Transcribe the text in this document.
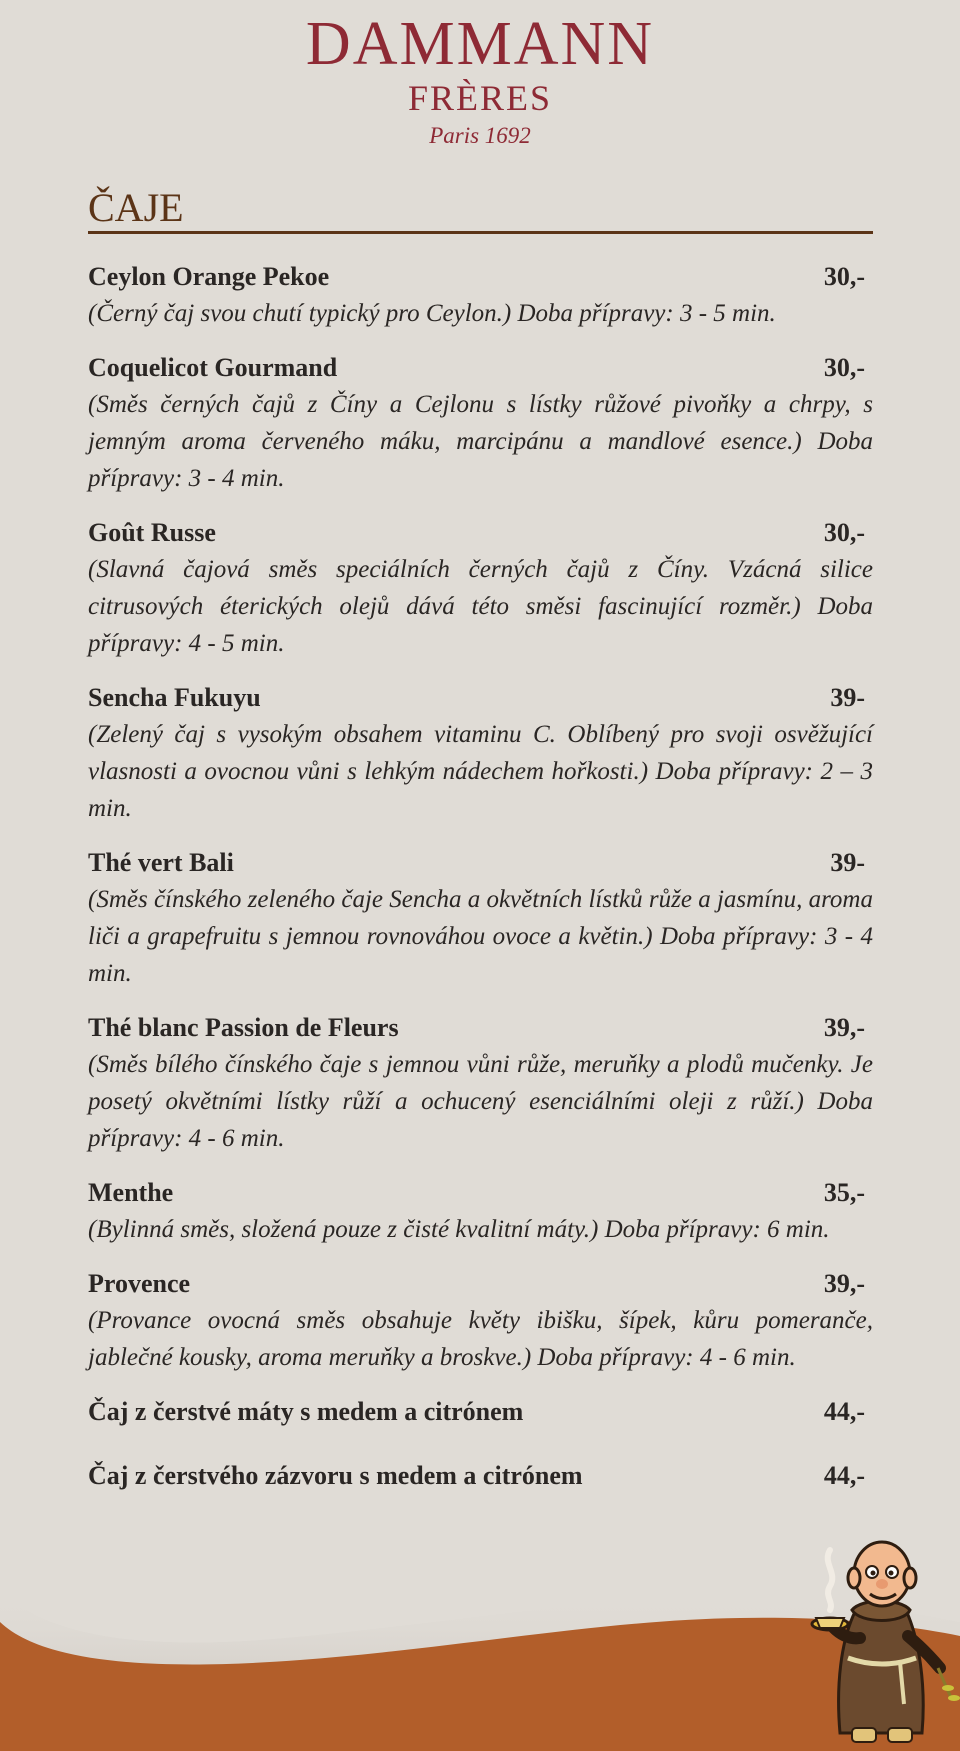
DAMMANN
FRÈRES
Paris 1692
ČAJE
Ceylon Orange Pekoe	30,-
(Černý čaj svou chutí typický pro Ceylon.) Doba přípravy: 3 - 5 min.
Coquelicot Gourmand	30,-
(Směs černých čajů z Číny a Cejlonu s lístky růžové pivoňky a chrpy, s jemným aroma červeného máku, marcipánu a mandlové esence.) Doba přípravy: 3 - 4 min.
Goût Russe	30,-
(Slavná čajová směs speciálních černých čajů z Číny. Vzácná silice citrusových éterických olejů dává této směsi fascinující rozměr.) Doba přípravy: 4 - 5 min.
Sencha Fukuyu	39-
(Zelený čaj s vysokým obsahem vitaminu C. Oblíbený pro svoji osvěžující vlasnosti a ovocnou vůni s lehkým nádechem hořkosti.) Doba přípravy: 2 – 3 min.
Thé vert Bali	39-
(Směs čínského zeleného čaje Sencha a okvětních lístků růže a jasmínu, aroma liči a grapefruitu s jemnou rovnováhou ovoce a květin.) Doba přípravy: 3 - 4 min.
Thé blanc Passion de Fleurs	39,-
(Směs bílého čínského čaje s jemnou vůni růže, meruňky a plodů mučenky. Je posetý okvětními lístky růží a ochucený esenciálními oleji z růží.) Doba přípravy: 4 - 6 min.
Menthe	35,-
(Bylinná směs, složená pouze z čisté kvalitní máty.) Doba přípravy: 6 min.
Provence	39,-
(Provance ovocná směs obsahuje květy ibišku, šípek, kůru pomeranče, jablečné kousky, aroma meruňky a broskve.) Doba přípravy: 4 - 6 min.
Čaj z čerstvé máty s medem a citrónem	44,-
Čaj z čerstvého zázvoru s medem a citrónem	44,-
